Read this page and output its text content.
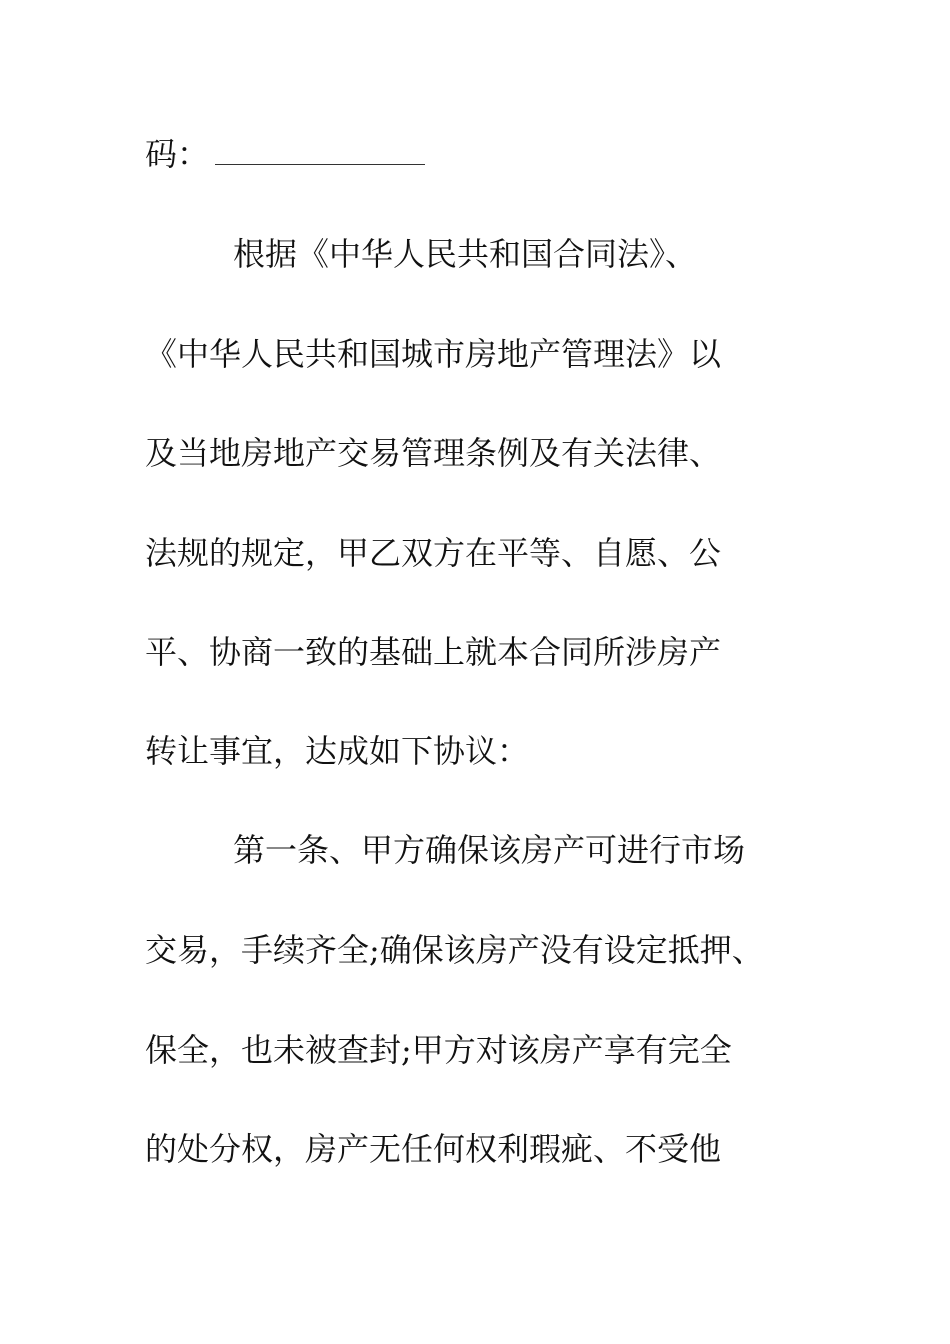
码：
根据《中华人民共和国合同法》、
《中华人民共和国城市房地产管理法》以
及当地房地产交易管理条例及有关法律、
法规的规定，甲乙双方在平等、自愿、公
平、协商一致的基础上就本合同所涉房产
转让事宜，达成如下协议：
第一条、甲方确保该房产可进行市场
交易，手续齐全;确保该房产没有设定抵押、
保全，也未被查封;甲方对该房产享有完全
的处分权，房产无任何权利瑕疵、不受他
